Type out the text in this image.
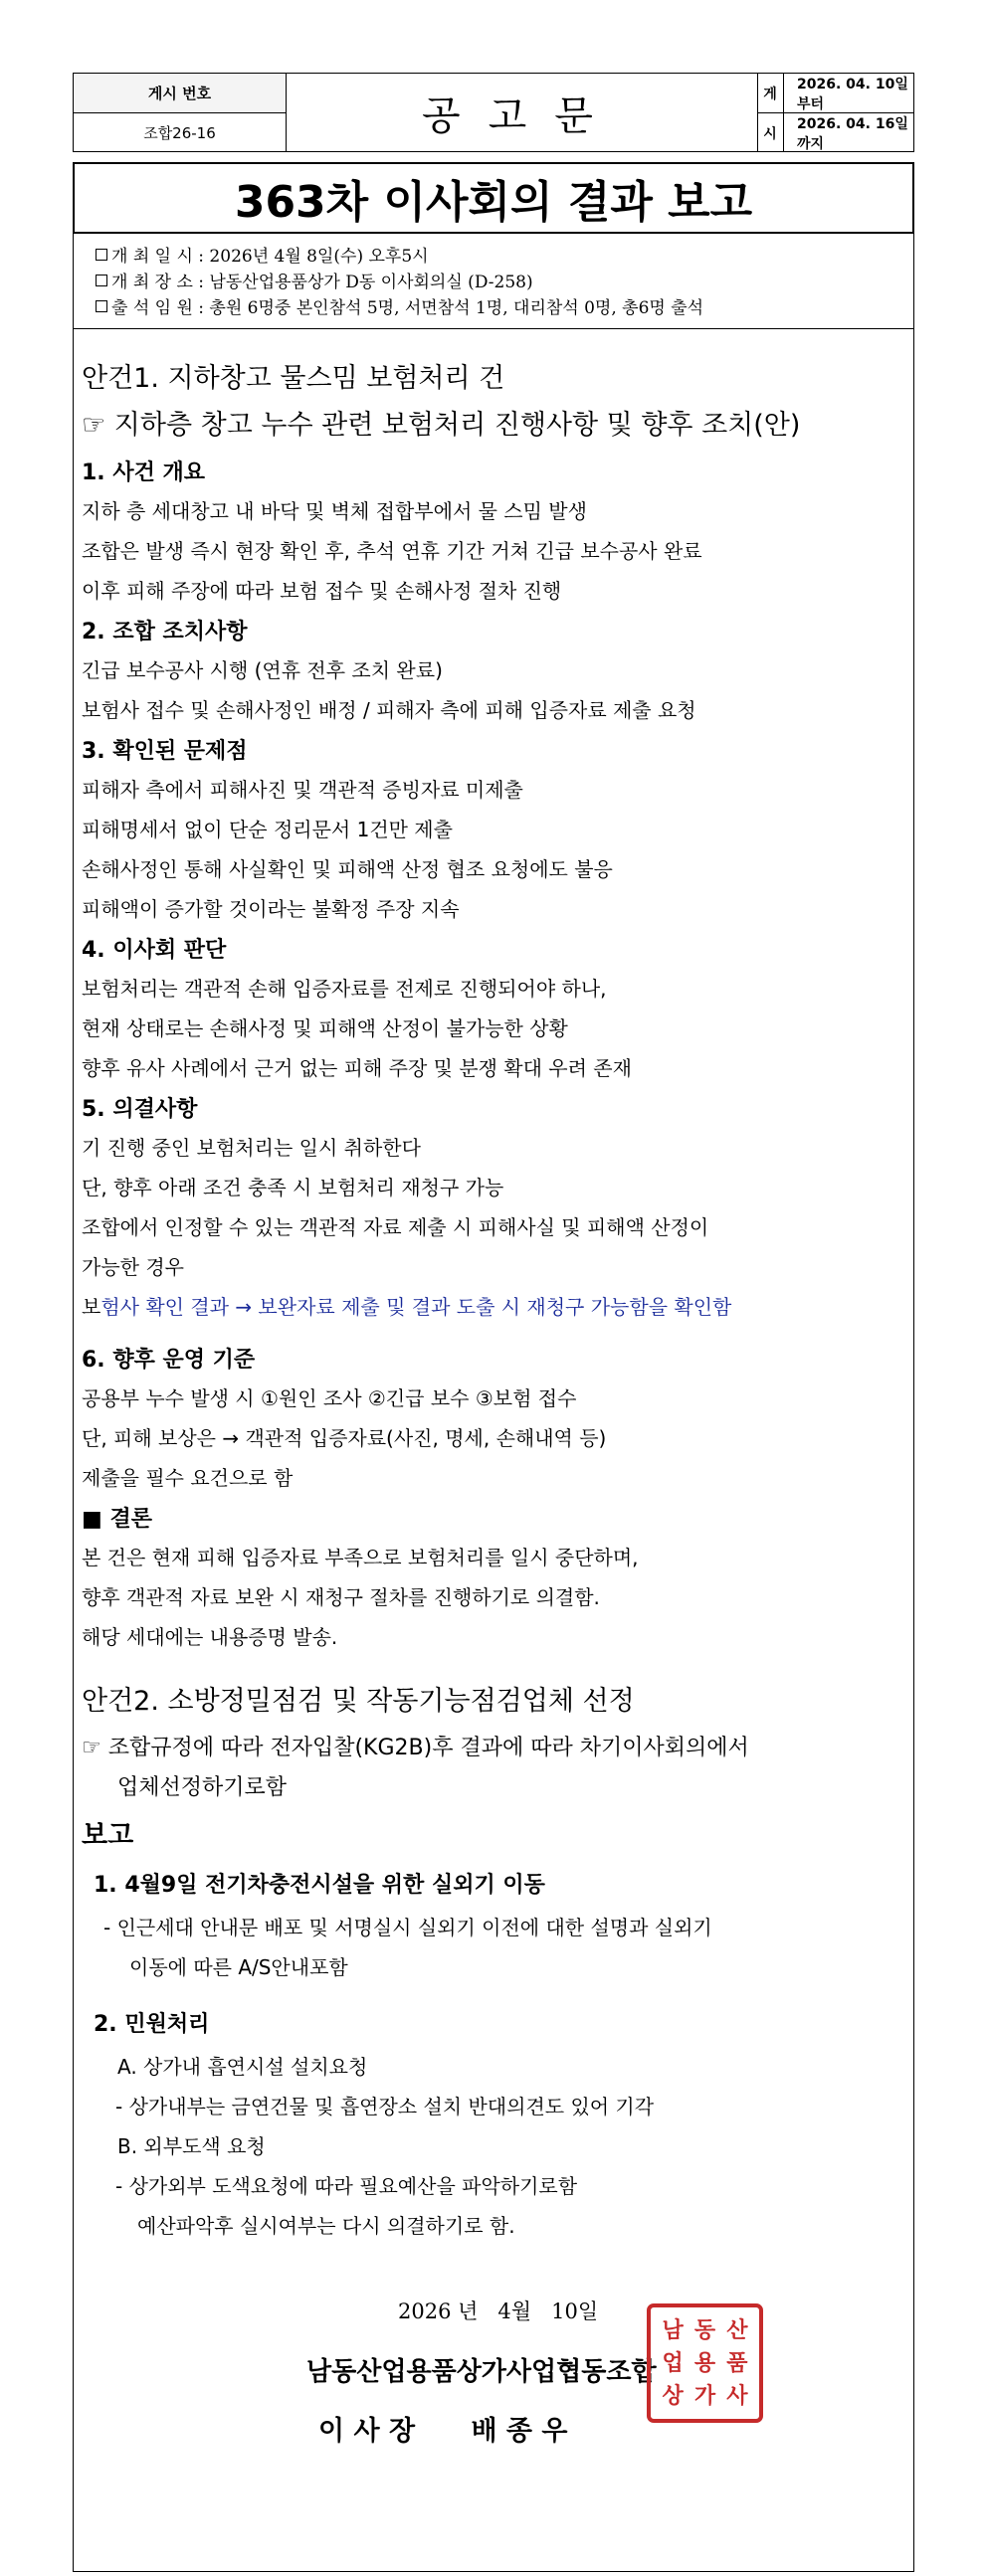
게시 번호
조합26-16	공고문	게
시
2026. 04. 10일 부터
2026. 04. 16일 까지
363차 이사회의 결과 보고
개 최 일 시 : 2026년 4월 8일(수) 오후5시
개 최 장 소 : 남동산업용품상가 D동 이사회의실 (D-258)
출 석 임 원 : 총원 6명중 본인참석 5명, 서면참석 1명, 대리참석 0명, 총6명 출석
안건1. 지하창고 물스밈 보험처리 건
☞ 지하층 창고 누수 관련 보험처리 진행사항 및 향후 조치(안)
1. 사건 개요
지하 층 세대창고 내 바닥 및 벽체 접합부에서 물 스밈 발생
조합은 발생 즉시 현장 확인 후, 추석 연휴 기간 거쳐 긴급 보수공사 완료
이후 피해 주장에 따라 보험 접수 및 손해사정 절차 진행
2. 조합 조치사항
긴급 보수공사 시행 (연휴 전후 조치 완료)
보험사 접수 및 손해사정인 배정 / 피해자 측에 피해 입증자료 제출 요청
3. 확인된 문제점
피해자 측에서 피해사진 및 객관적 증빙자료 미제출
피해명세서 없이 단순 정리문서 1건만 제출
손해사정인 통해 사실확인 및 피해액 산정 협조 요청에도 불응
피해액이 증가할 것이라는 불확정 주장 지속
4. 이사회 판단
보험처리는 객관적 손해 입증자료를 전제로 진행되어야 하나,
현재 상태로는 손해사정 및 피해액 산정이 불가능한 상황
향후 유사 사례에서 근거 없는 피해 주장 및 분쟁 확대 우려 존재
5. 의결사항
기 진행 중인 보험처리는 일시 취하한다
단, 향후 아래 조건 충족 시 보험처리 재청구 가능
조합에서 인정할 수 있는 객관적 자료 제출 시 피해사실 및 피해액 산정이
가능한 경우
보험사 확인 결과 → 보완자료 제출 및 결과 도출 시 재청구 가능함을 확인함
6. 향후 운영 기준
공용부 누수 발생 시 ①원인 조사 ②긴급 보수 ③보험 접수
단, 피해 보상은 → 객관적 입증자료(사진, 명세, 손해내역 등)
제출을 필수 요건으로 함
■ 결론
본 건은 현재 피해 입증자료 부족으로 보험처리를 일시 중단하며,
향후 객관적 자료 보완 시 재청구 절차를 진행하기로 의결함.
해당 세대에는 내용증명 발송.
안건2. 소방정밀점검 및 작동기능점검업체 선정
☞ 조합규정에 따라 전자입찰(KG2B)후 결과에 따라 차기이사회의에서
업체선정하기로함
보고
1. 4월9일 전기차충전시설을 위한 실외기 이동
- 인근세대 안내문 배포 및 서명실시 실외기 이전에 대한 설명과 실외기
이동에 따른 A/S안내포함
2. 민원처리
A. 상가내 흡연시설 설치요청
- 상가내부는 금연건물 및 흡연장소 설치 반대의견도 있어 기각
B. 외부도색 요청
- 상가외부 도색요청에 따라 필요예산을 파악하기로함
예산파악후 실시여부는 다시 의결하기로 함.
2026 년   4월   10일
남동산업용품상가사업협동조합
이 사 장      배 종 우
남 동 산
업 용 품
상 가 사
